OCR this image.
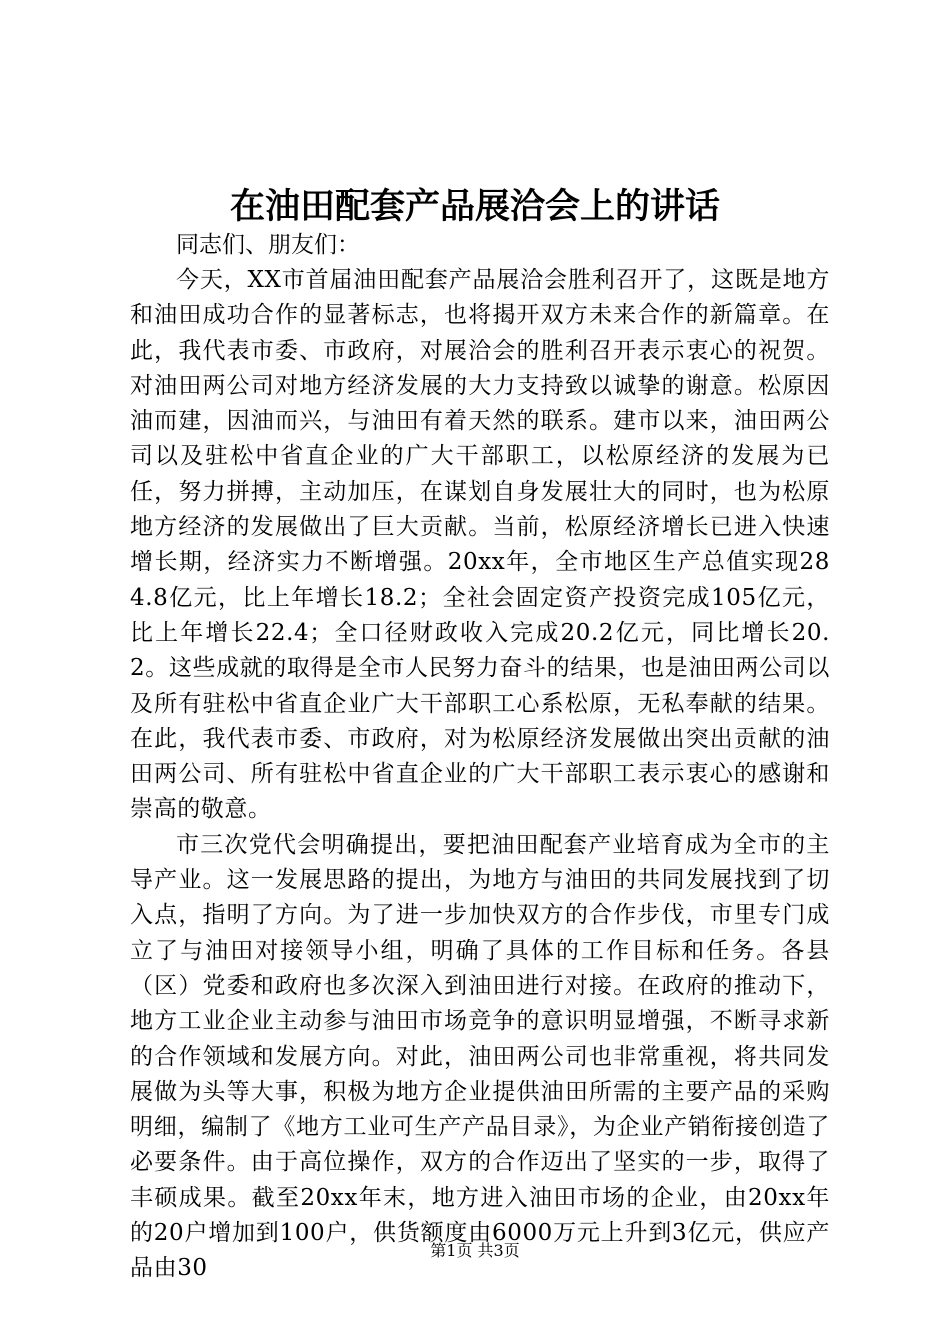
在油田配套产品展洽会上的讲话

同志们、朋友们：

今天，XX市首届油田配套产品展洽会胜利召开了，这既是地方和油田成功合作的显著标志，也将揭开双方未来合作的新篇章。在此，我代表市委、市政府，对展洽会的胜利召开表示衷心的祝贺。对油田两公司对地方经济发展的大力支持致以诚挚的谢意。松原因油而建，因油而兴，与油田有着天然的联系。建市以来，油田两公司以及驻松中省直企业的广大干部职工，以松原经济的发展为已任，努力拼搏，主动加压，在谋划自身发展壮大的同时，也为松原地方经济的发展做出了巨大贡献。当前，松原经济增长已进入快速增长期，经济实力不断增强。20xx年，全市地区生产总值实现284.8亿元，比上年增长18.2；全社会固定资产投资完成105亿元，比上年增长22.4；全口径财政收入完成20.2亿元，同比增长20.2。这些成就的取得是全市人民努力奋斗的结果，也是油田两公司以及所有驻松中省直企业广大干部职工心系松原，无私奉献的结果。在此，我代表市委、市政府，对为松原经济发展做出突出贡献的油田两公司、所有驻松中省直企业的广大干部职工表示衷心的感谢和崇高的敬意。

市三次党代会明确提出，要把油田配套产业培育成为全市的主导产业。这一发展思路的提出，为地方与油田的共同发展找到了切入点，指明了方向。为了进一步加快双方的合作步伐，市里专门成立了与油田对接领导小组，明确了具体的工作目标和任务。各县（区）党委和政府也多次深入到油田进行对接。在政府的推动下，地方工业企业主动参与油田市场竞争的意识明显增强，不断寻求新的合作领域和发展方向。对此，油田两公司也非常重视，将共同发展做为头等大事，积极为地方企业提供油田所需的主要产品的采购明细，编制了《地方工业可生产产品目录》，为企业产销衔接创造了必要条件。由于高位操作，双方的合作迈出了坚实的一步，取得了丰硕成果。截至20xx年末，地方进入油田市场的企业，由20xx年的20户增加到100户，供货额度由6000万元上升到3亿元，供应产品由30

第1页 共3页
